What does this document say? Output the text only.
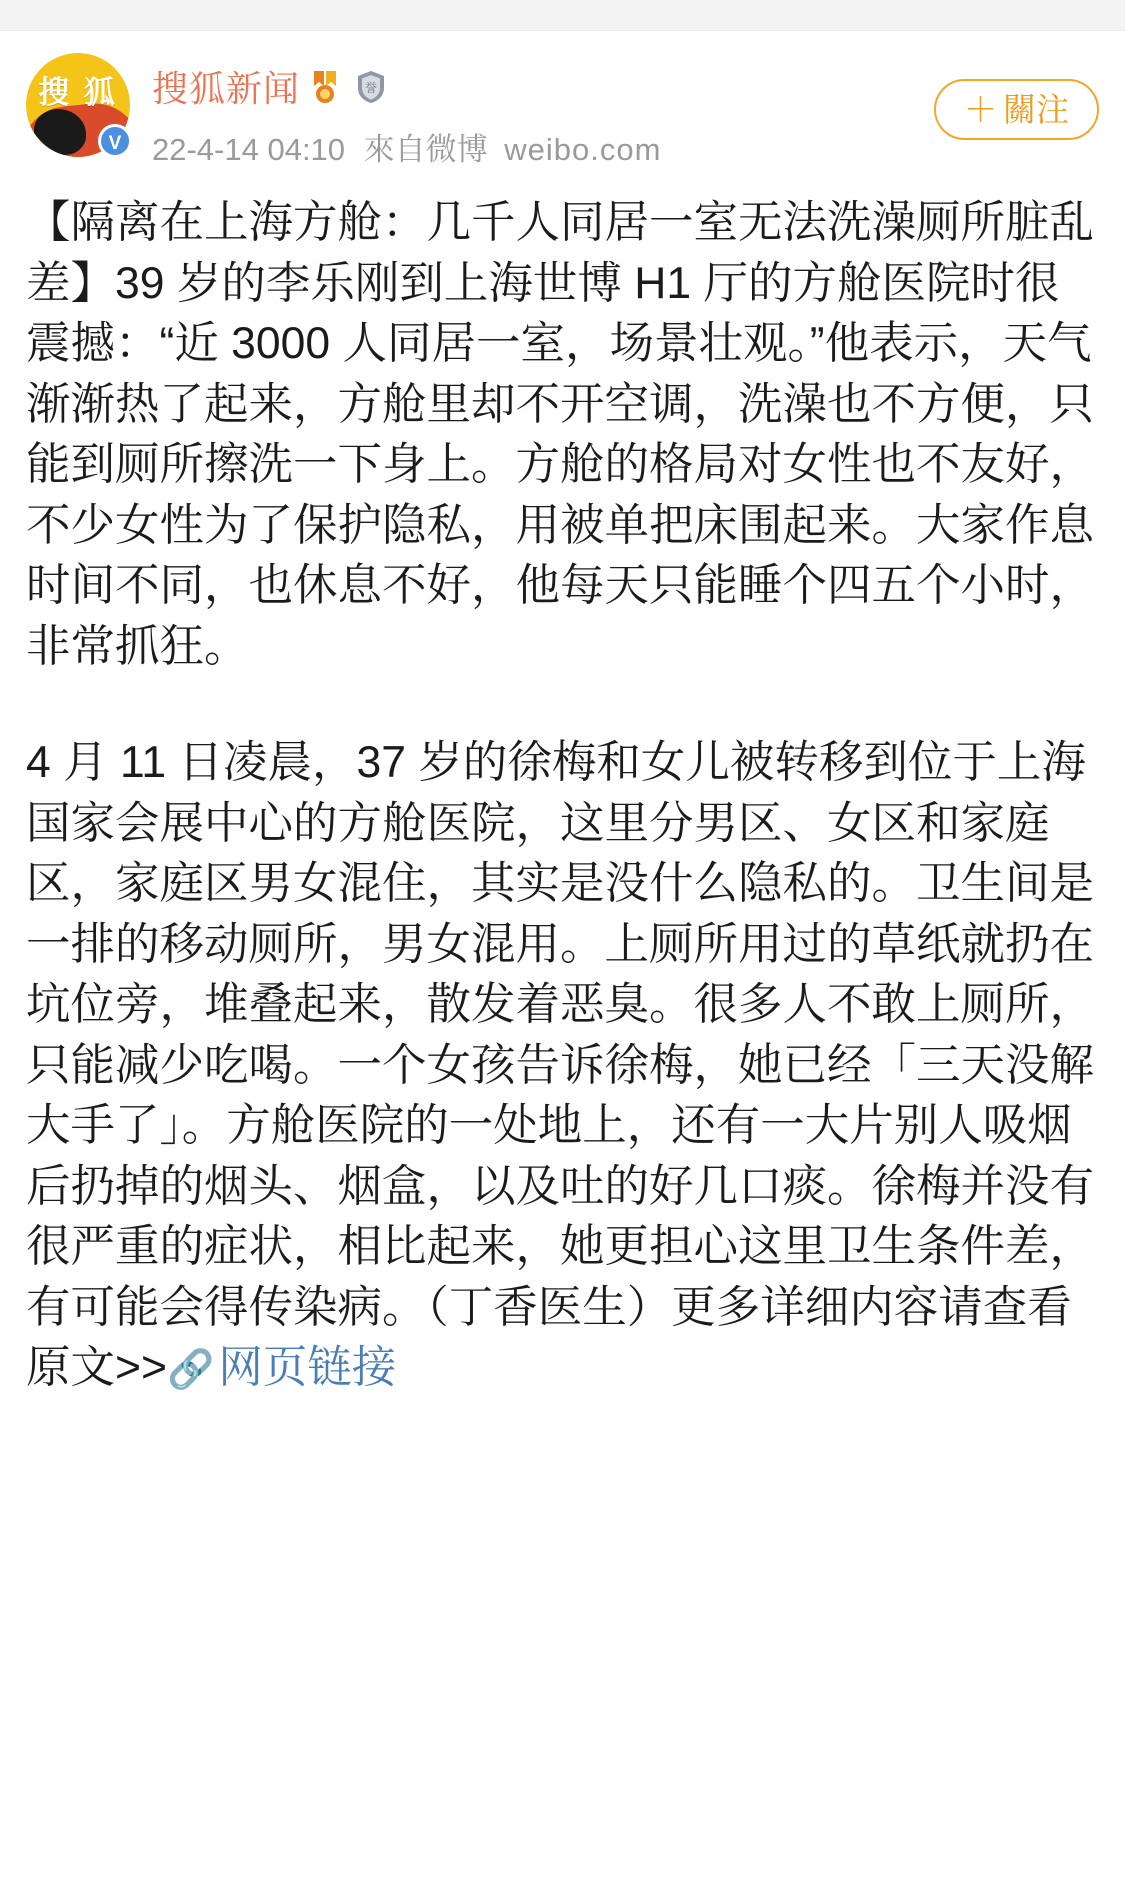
搜 狐
V
搜狐新闻	誉
22-4-14 04:10 來自微博 weibo.com
＋ 關注

【隔离在上海方舱：几千人同居一室无法洗澡厕所脏乱差】39 岁的李乐刚到上海世博 H1 厅的方舱医院时很震撼：“近 3000 人同居一室，场景壮观。”他表示，天气渐渐热了起来，方舱里却不开空调，洗澡也不方便，只能到厕所擦洗一下身上。方舱的格局对女性也不友好，不少女性为了保护隐私，用被单把床围起来。大家作息时间不同，也休息不好，他每天只能睡个四五个小时，非常抓狂。

4 月 11 日凌晨，37 岁的徐梅和女儿被转移到位于上海国家会展中心的方舱医院，这里分男区、女区和家庭区，家庭区男女混住，其实是没什么隐私的。卫生间是一排的移动厕所，男女混用。上厕所用过的草纸就扔在坑位旁，堆叠起来，散发着恶臭。很多人不敢上厕所，只能减少吃喝。一个女孩告诉徐梅，她已经「三天没解大手了」。方舱医院的一处地上，还有一大片别人吸烟后扔掉的烟头、烟盒，以及吐的好几口痰。徐梅并没有很严重的症状，相比起来，她更担心这里卫生条件差，有可能会得传染病。（丁香医生）更多详细内容请查看原文>>🔗网页链接
